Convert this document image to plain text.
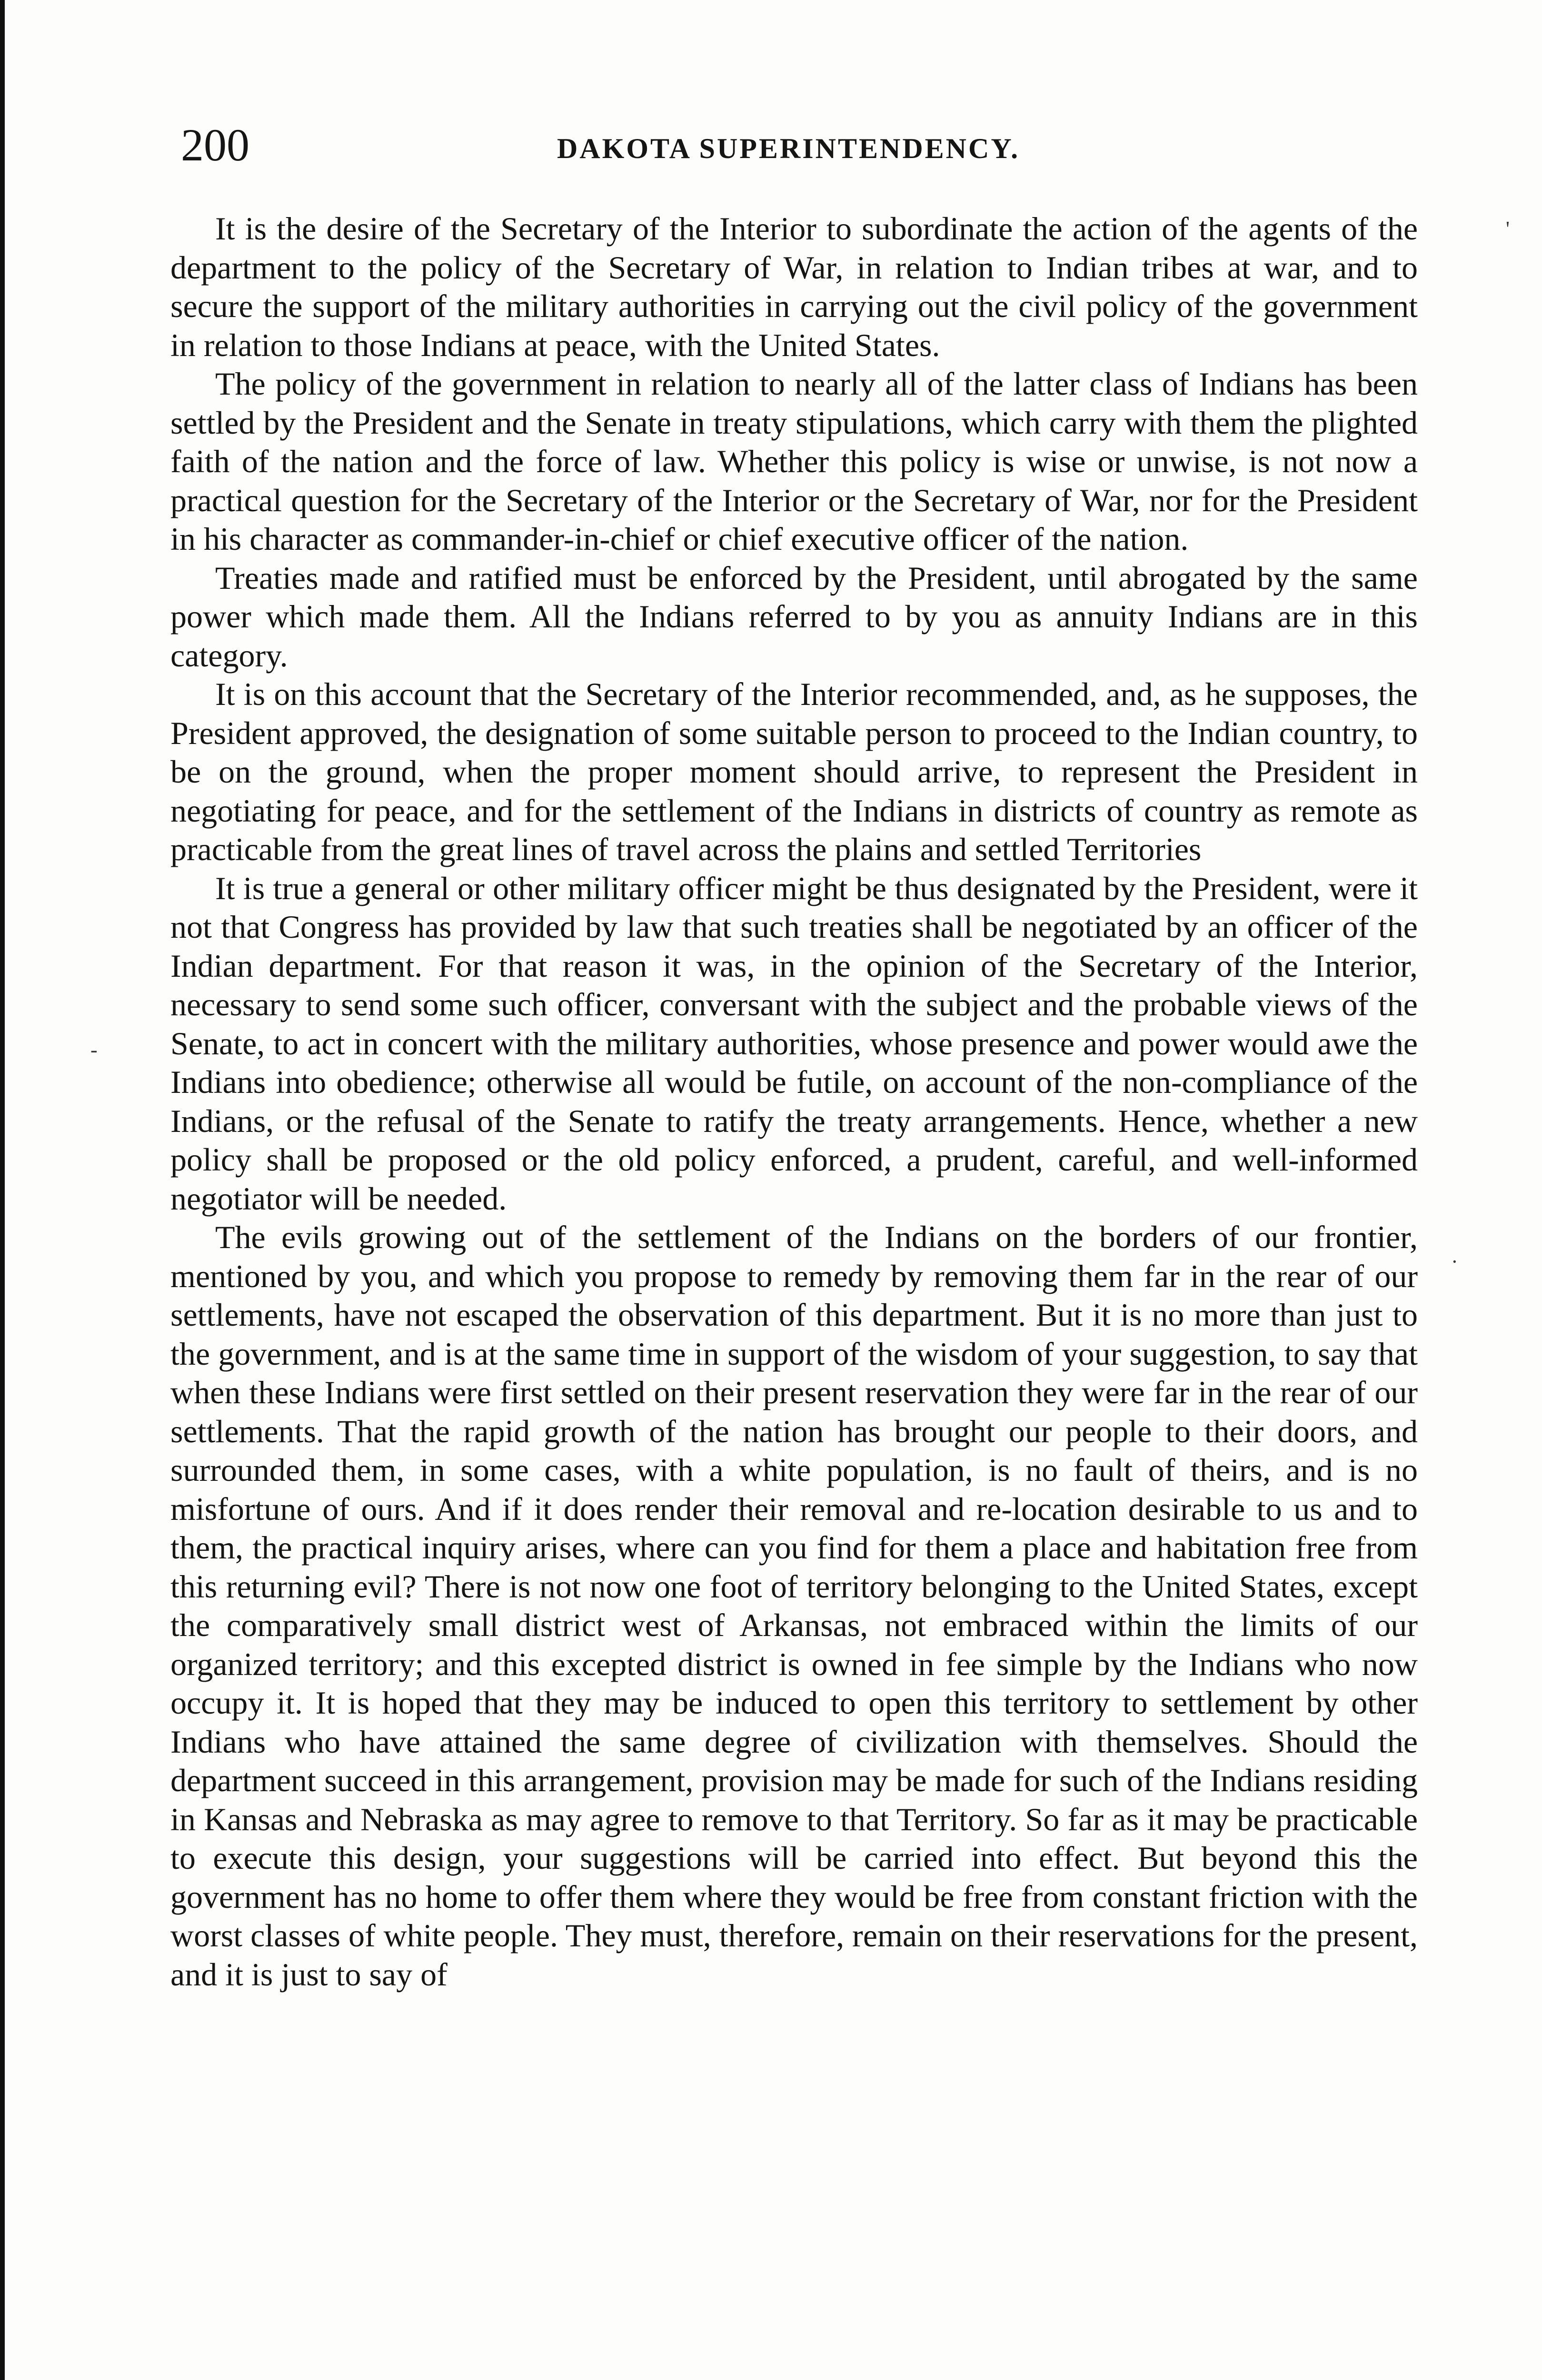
200	DAKOTA SUPERINTENDENCY.

It is the desire of the Secretary of the Interior to subordinate the action of the agents of the department to the policy of the Secretary of War, in relation to Indian tribes at war, and to secure the support of the military authorities in carrying out the civil policy of the government in relation to those Indians at peace, with the United States.

The policy of the government in relation to nearly all of the latter class of Indians has been settled by the President and the Senate in treaty stipulations, which carry with them the plighted faith of the nation and the force of law. Whether this policy is wise or unwise, is not now a practical question for the Secretary of the Interior or the Secretary of War, nor for the President in his character as commander-in-chief or chief executive officer of the nation.

Treaties made and ratified must be enforced by the President, until abrogated by the same power which made them. All the Indians referred to by you as annuity Indians are in this category.

It is on this account that the Secretary of the Interior recommended, and, as he supposes, the President approved, the designation of some suitable person to proceed to the Indian country, to be on the ground, when the proper moment should arrive, to represent the President in negotiating for peace, and for the settlement of the Indians in districts of country as remote as practicable from the great lines of travel across the plains and settled Territories

It is true a general or other military officer might be thus designated by the President, were it not that Congress has provided by law that such treaties shall be negotiated by an officer of the Indian department. For that reason it was, in the opinion of the Secretary of the Interior, necessary to send some such officer, conversant with the subject and the probable views of the Senate, to act in concert with the military authorities, whose presence and power would awe the Indians into obedience; otherwise all would be futile, on account of the non-compliance of the Indians, or the refusal of the Senate to ratify the treaty arrangements. Hence, whether a new policy shall be proposed or the old policy enforced, a prudent, careful, and well-informed negotiator will be needed.

The evils growing out of the settlement of the Indians on the borders of our frontier, mentioned by you, and which you propose to remedy by removing them far in the rear of our settlements, have not escaped the observation of this department. But it is no more than just to the government, and is at the same time in support of the wisdom of your suggestion, to say that when these Indians were first settled on their present reservation they were far in the rear of our settlements. That the rapid growth of the nation has brought our people to their doors, and surrounded them, in some cases, with a white population, is no fault of theirs, and is no misfortune of ours. And if it does render their removal and re-location desirable to us and to them, the practical inquiry arises, where can you find for them a place and habitation free from this returning evil? There is not now one foot of territory belonging to the United States, except the comparatively small district west of Arkansas, not embraced within the limits of our organized territory; and this excepted district is owned in fee simple by the Indians who now occupy it. It is hoped that they may be induced to open this territory to settlement by other Indians who have attained the same degree of civilization with themselves. Should the department succeed in this arrangement, provision may be made for such of the Indians residing in Kansas and Nebraska as may agree to remove to that Territory. So far as it may be practicable to execute this design, your suggestions will be carried into effect. But beyond this the government has no home to offer them where they would be free from constant friction with the worst classes of white people. They must, therefore, remain on their reservations for the present, and it is just to say of

'
·
-
